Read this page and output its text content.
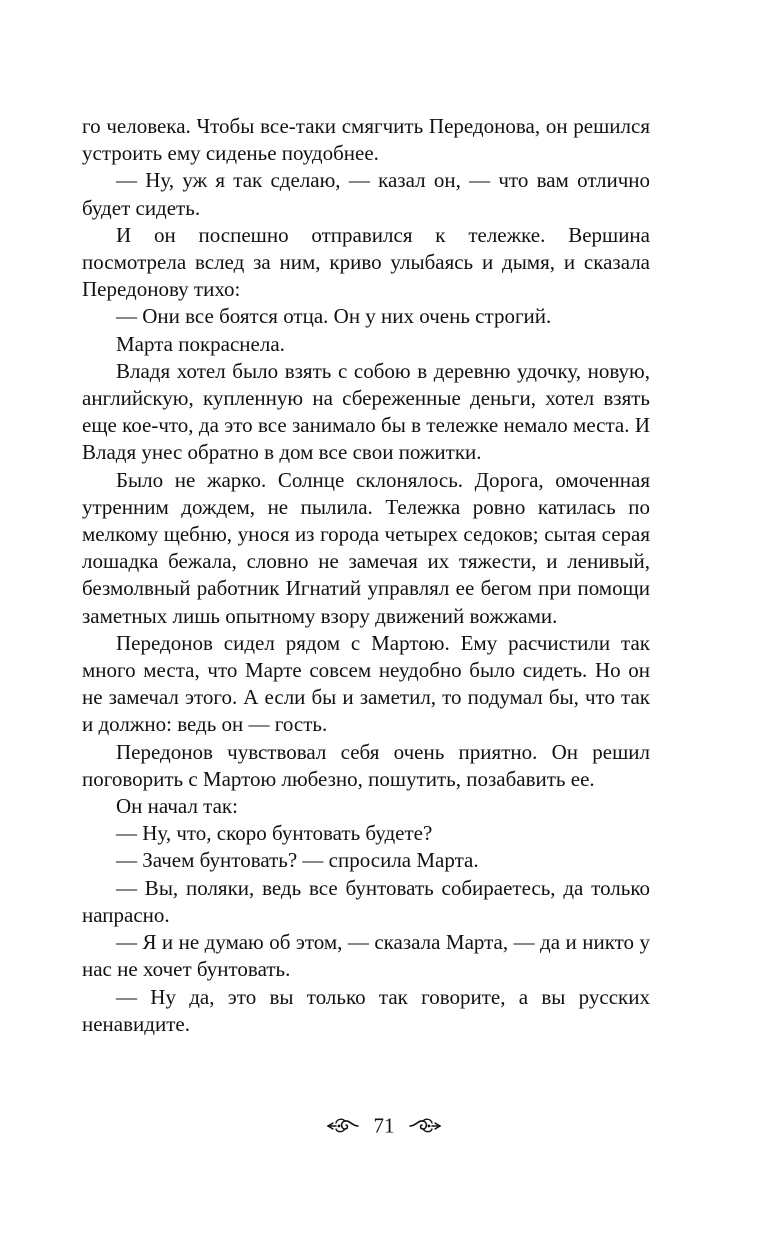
го человека. Чтобы все-таки смягчить Передонова, он решился устроить ему сиденье поудобнее.

— Ну, уж я так сделаю, — казал он, — что вам отлично будет сидеть.

И он поспешно отправился к тележке. Вершина посмотрела вслед за ним, криво улыбаясь и дымя, и сказала Передонову тихо:

— Они все боятся отца. Он у них очень строгий.

Марта покраснела.

Владя хотел было взять с собою в деревню удочку, новую, английскую, купленную на сбереженные деньги, хотел взять еще кое-что, да это все занимало бы в тележке немало места. И Владя унес обратно в дом все свои пожитки.

Было не жарко. Солнце склонялось. Дорога, омоченная утренним дождем, не пылила. Тележка ровно катилась по мелкому щебню, унося из города четырех седоков; сытая серая лошадка бежала, словно не замечая их тяжести, и ленивый, безмолвный работник Игнатий управлял ее бегом при помощи заметных лишь опытному взору движений вожжами.

Передонов сидел рядом с Мартою. Ему расчистили так много места, что Марте совсем неудобно было сидеть. Но он не замечал этого. А если бы и заметил, то подумал бы, что так и должно: ведь он — гость.

Передонов чувствовал себя очень приятно. Он решил поговорить с Мартою любезно, пошутить, позабавить ее.

Он начал так:

— Ну, что, скоро бунтовать будете?

— Зачем бунтовать? — спросила Марта.

— Вы, поляки, ведь все бунтовать собираетесь, да только напрасно.

— Я и не думаю об этом, — сказала Марта, — да и никто у нас не хочет бунтовать.

— Ну да, это вы только так говорите, а вы русских ненавидите.

71
